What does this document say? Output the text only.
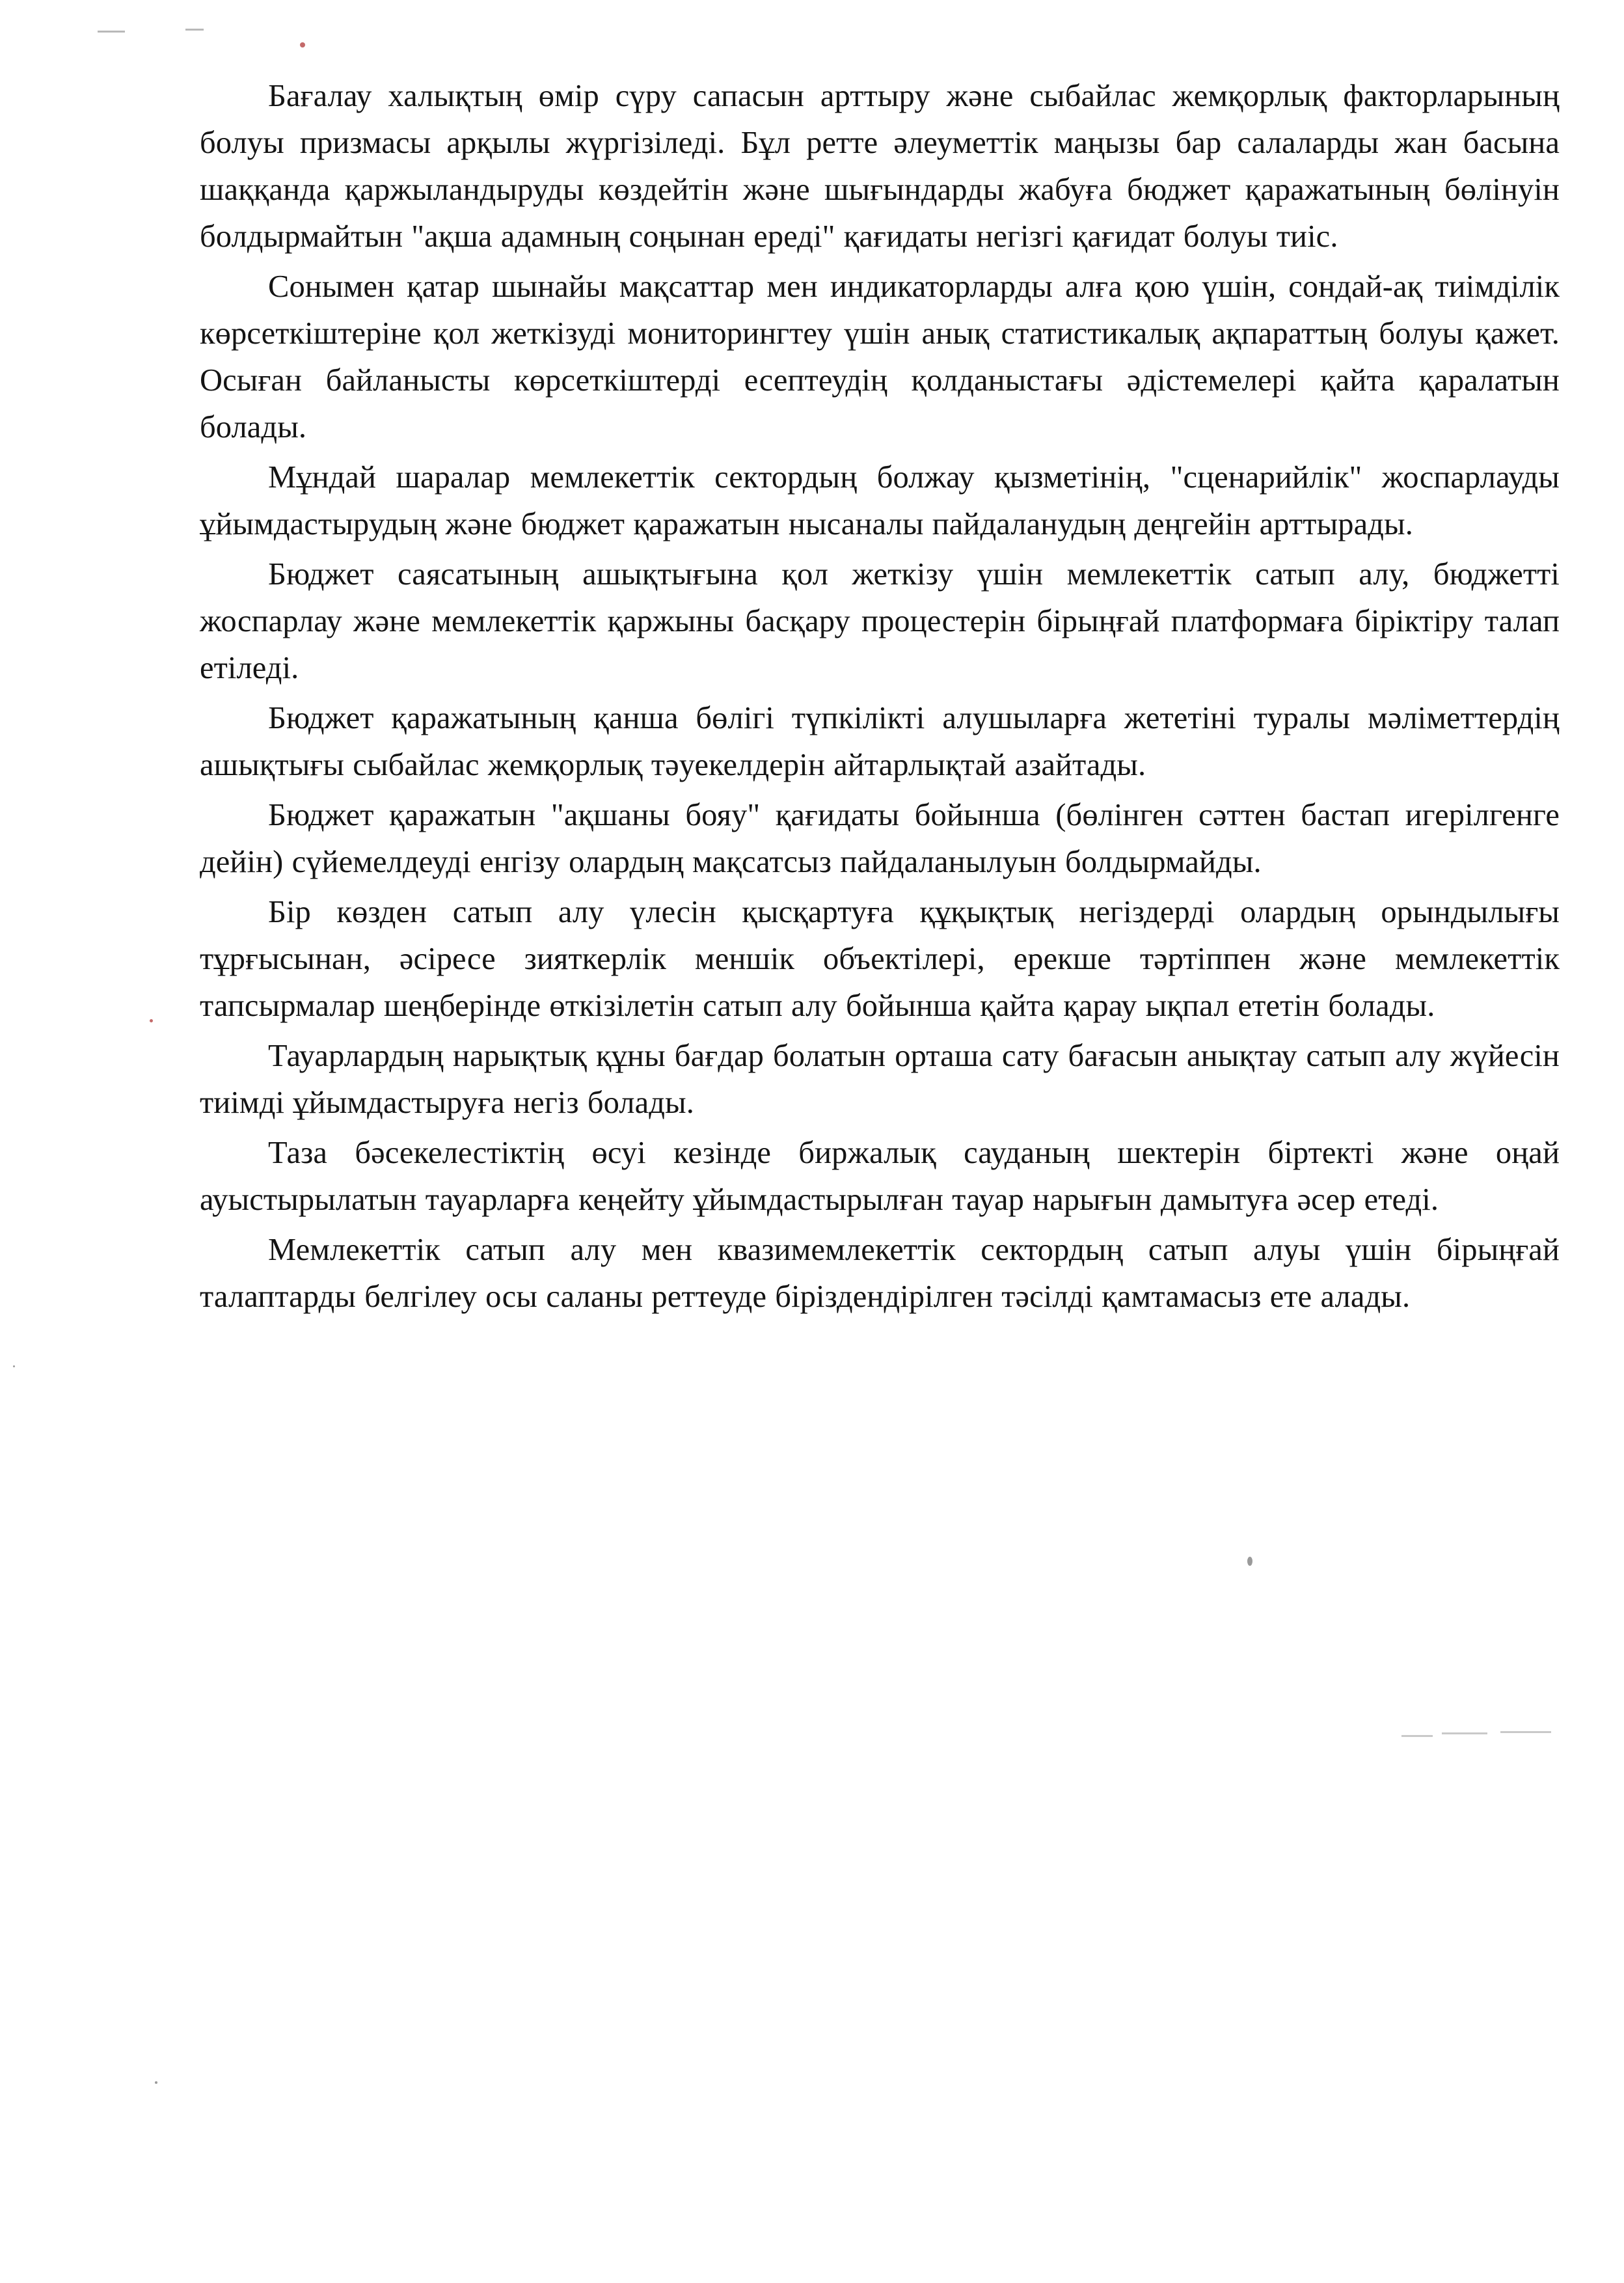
Бағалау халықтың өмір сүру сапасын арттыру және сыбайлас жемқорлық факторларының болуы призмасы арқылы жүргізіледі. Бұл ретте әлеуметтік маңызы бар салаларды жан басына шаққанда қаржыландыруды көздейтін және шығындарды жабуға бюджет қаражатының бөлінуін болдырмайтын "ақша адамның соңынан ереді" қағидаты негізгі қағидат болуы тиіс.

Сонымен қатар шынайы мақсаттар мен индикаторларды алға қою үшін, сондай-ақ тиімділік көрсеткіштеріне қол жеткізуді мониторингтеу үшін анық статистикалық ақпараттың болуы қажет. Осыған байланысты көрсеткіштерді есептеудің қолданыстағы әдістемелері қайта қаралатын болады.

Мұндай шаралар мемлекеттік сектордың болжау қызметінің, "сценарийлік" жоспарлауды ұйымдастырудың және бюджет қаражатын нысаналы пайдаланудың деңгейін арттырады.

Бюджет саясатының ашықтығына қол жеткізу үшін мемлекеттік сатып алу, бюджетті жоспарлау және мемлекеттік қаржыны басқару процестерін бірыңғай платформаға біріктіру талап етіледі.

Бюджет қаражатының қанша бөлігі түпкілікті алушыларға жететіні туралы мәліметтердің ашықтығы сыбайлас жемқорлық тәуекелдерін айтарлықтай азайтады.

Бюджет қаражатын "ақшаны бояу" қағидаты бойынша (бөлінген сәттен бастап игерілгенге дейін) сүйемелдеуді енгізу олардың мақсатсыз пайдаланылуын болдырмайды.

Бір көзден сатып алу үлесін қысқартуға құқықтық негіздерді олардың орындылығы тұрғысынан, әсіресе зияткерлік меншік объектілері, ерекше тәртіппен және мемлекеттік тапсырмалар шеңберінде өткізілетін сатып алу бойынша қайта қарау ықпал ететін болады.

Тауарлардың нарықтық құны бағдар болатын орташа сату бағасын анықтау сатып алу жүйесін тиімді ұйымдастыруға негіз болады.

Таза бәсекелестіктің өсуі кезінде биржалық сауданың шектерін біртекті және оңай ауыстырылатын тауарларға кеңейту ұйымдастырылған тауар нарығын дамытуға әсер етеді.

Мемлекеттік сатып алу мен квазимемлекеттік сектордың сатып алуы үшін бірыңғай талаптарды белгілеу осы саланы реттеуде біріздендірілген тәсілді қамтамасыз ете алады.
